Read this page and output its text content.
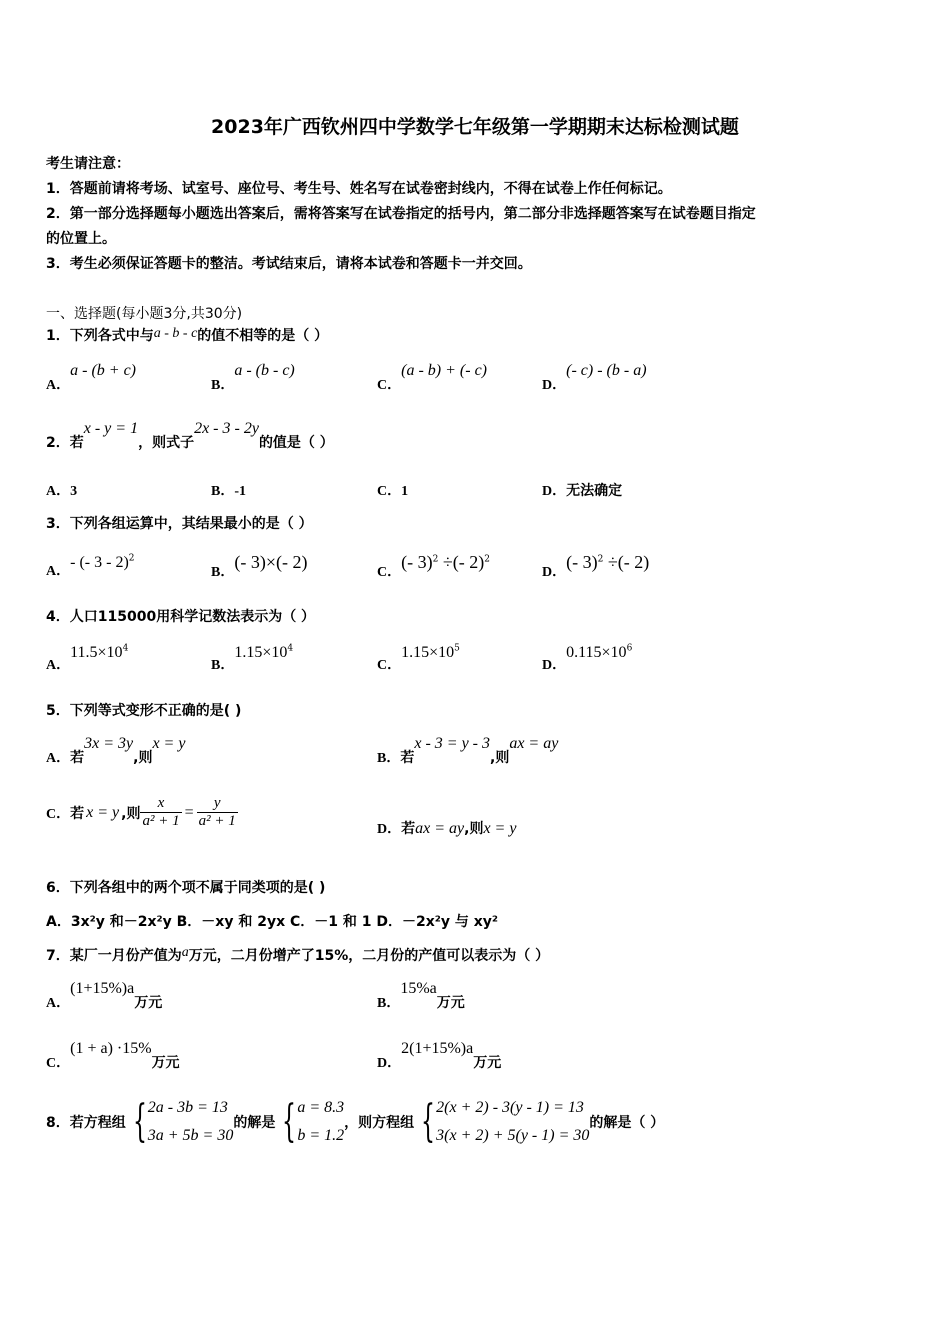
2023年广西钦州四中学数学七年级第一学期期末达标检测试题
考生请注意：
1．答题前请将考场、试室号、座位号、考生号、姓名写在试卷密封线内，不得在试卷上作任何标记。
2．第一部分选择题每小题选出答案后，需将答案写在试卷指定的括号内，第二部分非选择题答案写在试卷题目指定
的位置上。
3．考生必须保证答题卡的整洁。考试结束后，请将本试卷和答题卡一并交回。
一、选择题(每小题3分,共30分)
1．下列各式中与a - b - c的值不相等的是（ ）
A．a - (b + c)
B．a - (b - c)
C．(a - b) + (- c)
D．(- c) - (b - a)
2．若x - y = 1，则式子2x - 3 - 2y的值是（ ）
A．3	B．-1	C．1	D．无法确定
3．下列各组运算中，其结果最小的是（ ）
A．- (- 3 - 2)$^2$
B．(- 3)×(- 2)
C．(- 3)$^2$ ÷(- 2)$^2$
D．(- 3)$^2$ ÷(- 2)
4．人口115000用科学记数法表示为（ ）
A．$11.5\times 10^4$
B．$1.15\times 10^4$
C．$1.15\times 10^5$
D．$0.115\times 10^6$
5．下列等式变形不正确的是( )
A．若3x = 3y,则x = y
B．若x - 3 = y - 3,则ax = ay
C． 若 x = y ,则 $\frac{x}{\text{a² + 1}} = \frac{y}{\text{a² + 1}}$	D．若ax = ay,则x = y
6．下列各组中的两个项不属于同类项的是( )
A．3x²y 和－2x²y B．－xy 和 2yx C．－1 和 1 D．－2x²y 与 xy²
7．某厂一月份产值为a万元，二月份增产了15%，二月份的产值可以表示为（ ）
A．(1+15%)a万元	B．15%a万元
C．(1 + a) ·15%万元	D．2(1+15%)a万元
8．若方程组 { 2a - 3b = 13
3a + 5b = 30
的解是 { a = 8.3
b = 1.2
，则方程组 { 2(x + 2) - 3(y - 1) = 13
3(x + 2) + 5(y - 1) = 30
的解是（ ）
